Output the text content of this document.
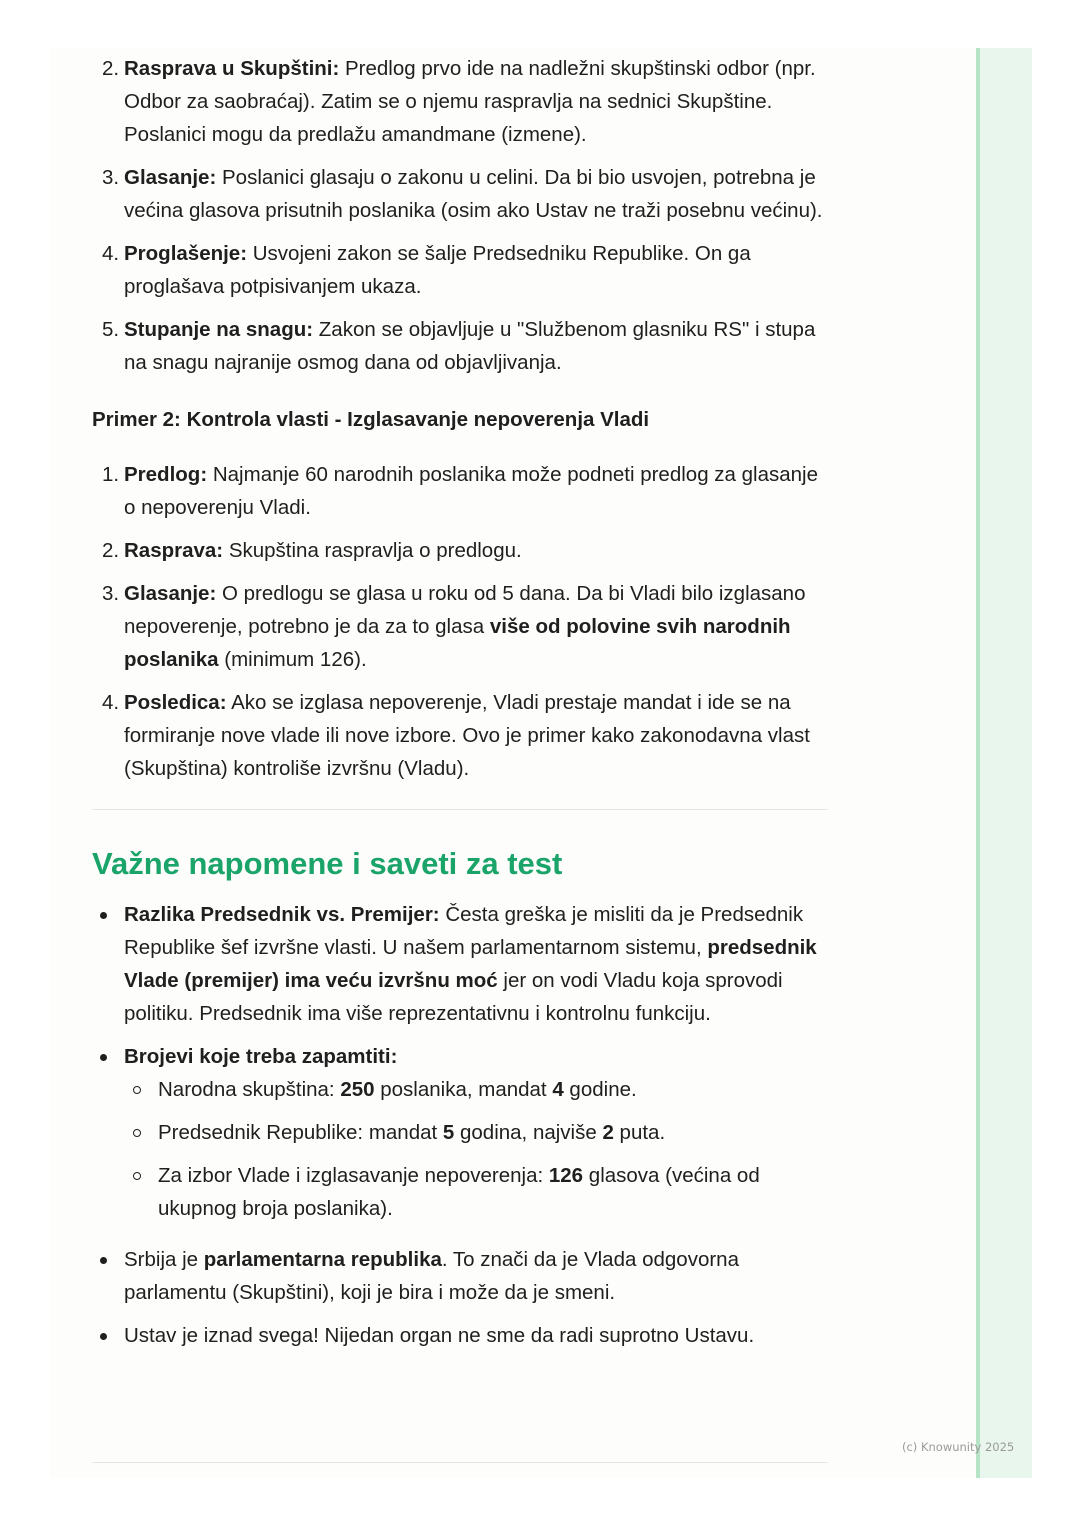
2. Rasprava u Skupštini: Predlog prvo ide na nadležni skupštinski odbor (npr. Odbor za saobraćaj). Zatim se o njemu raspravlja na sednici Skupštine. Poslanici mogu da predlažu amandmane (izmene).
3. Glasanje: Poslanici glasaju o zakonu u celini. Da bi bio usvojen, potrebna je većina glasova prisutnih poslanika (osim ako Ustav ne traži posebnu većinu).
4. Proglašenje: Usvojeni zakon se šalje Predsedniku Republike. On ga proglašava potpisivanjem ukaza.
5. Stupanje na snagu: Zakon se objavljuje u "Službenom glasniku RS" i stupa na snagu najranije osmog dana od objavljivanja.
Primer 2: Kontrola vlasti - Izglasavanje nepoverenja Vladi
1. Predlog: Najmanje 60 narodnih poslanika može podneti predlog za glasanje o nepoverenju Vladi.
2. Rasprava: Skupština raspravlja o predlogu.
3. Glasanje: O predlogu se glasa u roku od 5 dana. Da bi Vladi bilo izglasano nepoverenje, potrebno je da za to glasa više od polovine svih narodnih poslanika (minimum 126).
4. Posledica: Ako se izglasa nepoverenje, Vladi prestaje mandat i ide se na formiranje nove vlade ili nove izbore. Ovo je primer kako zakonodavna vlast (Skupština) kontroliše izvršnu (Vladu).
Važne napomene i saveti za test
Razlika Predsednik vs. Premijer: Česta greška je misliti da je Predsednik Republike šef izvršne vlasti. U našem parlamentarnom sistemu, predsednik Vlade (premijer) ima veću izvršnu moć jer on vodi Vladu koja sprovodi politiku. Predsednik ima više reprezentativnu i kontrolnu funkciju.
Brojevi koje treba zapamtiti:
Narodna skupština: 250 poslanika, mandat 4 godine.
Predsednik Republike: mandat 5 godina, najviše 2 puta.
Za izbor Vlade i izglasavanje nepoverenja: 126 glasova (većina od ukupnog broja poslanika).
Srbija je parlamentarna republika. To znači da je Vlada odgovorna parlamentu (Skupštini), koji je bira i može da je smeni.
Ustav je iznad svega! Nijedan organ ne sme da radi suprotno Ustavu.
(c) Knowunity 2025
